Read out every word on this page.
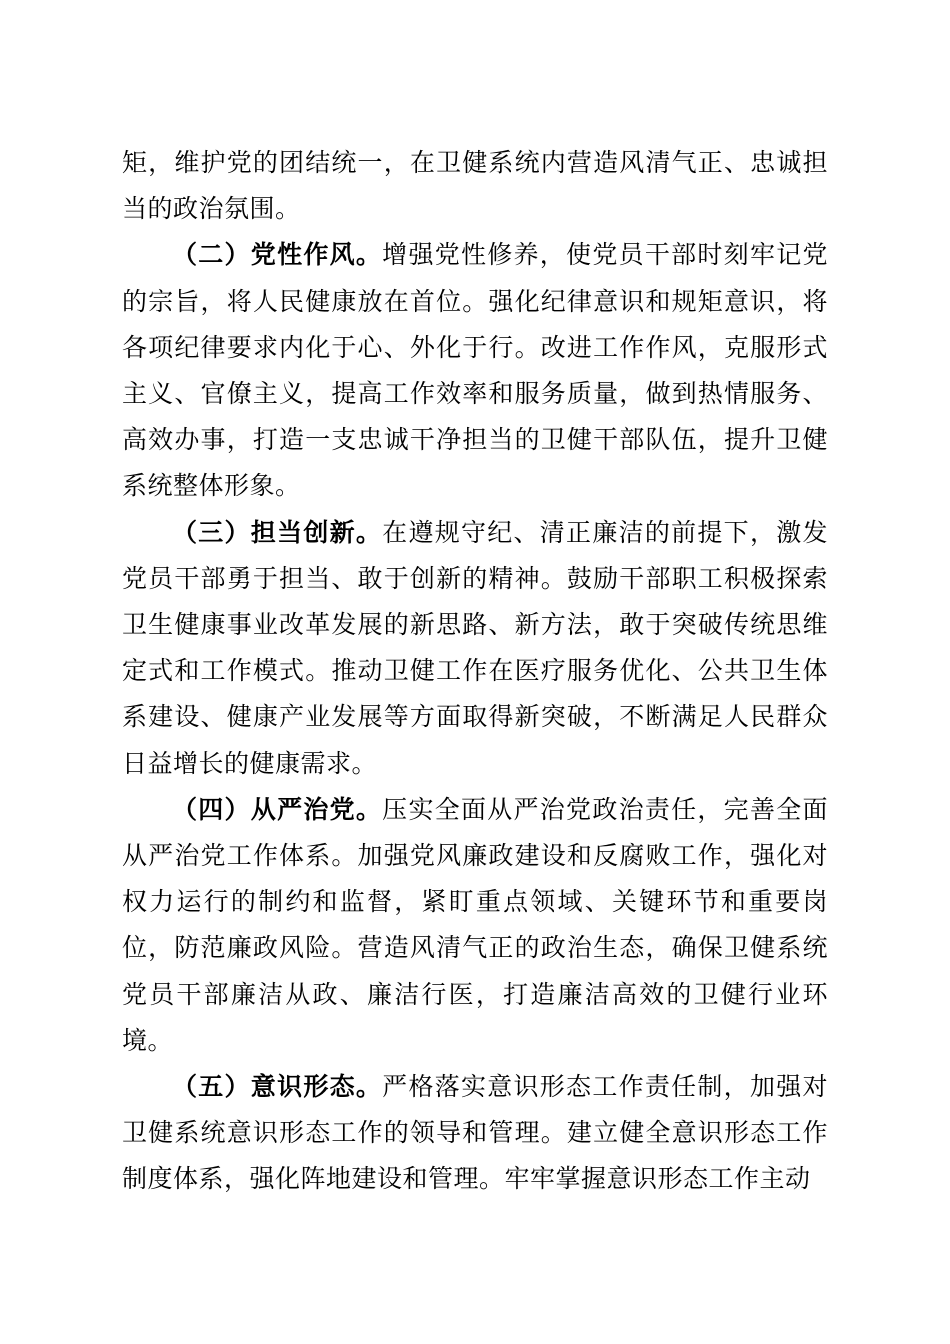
矩，维护党的团结统一，在卫健系统内营造风清气正、忠诚担当的政治氛围。

（二）党性作风。增强党性修养，使党员干部时刻牢记党的宗旨，将人民健康放在首位。强化纪律意识和规矩意识，将各项纪律要求内化于心、外化于行。改进工作作风，克服形式主义、官僚主义，提高工作效率和服务质量，做到热情服务、高效办事，打造一支忠诚干净担当的卫健干部队伍，提升卫健系统整体形象。

（三）担当创新。在遵规守纪、清正廉洁的前提下，激发党员干部勇于担当、敢于创新的精神。鼓励干部职工积极探索卫生健康事业改革发展的新思路、新方法，敢于突破传统思维定式和工作模式。推动卫健工作在医疗服务优化、公共卫生体系建设、健康产业发展等方面取得新突破，不断满足人民群众日益增长的健康需求。

（四）从严治党。压实全面从严治党政治责任，完善全面从严治党工作体系。加强党风廉政建设和反腐败工作，强化对权力运行的制约和监督，紧盯重点领域、关键环节和重要岗位，防范廉政风险。营造风清气正的政治生态，确保卫健系统党员干部廉洁从政、廉洁行医，打造廉洁高效的卫健行业环境。

（五）意识形态。严格落实意识形态工作责任制，加强对卫健系统意识形态工作的领导和管理。建立健全意识形态工作制度体系，强化阵地建设和管理。牢牢掌握意识形态工作主动
